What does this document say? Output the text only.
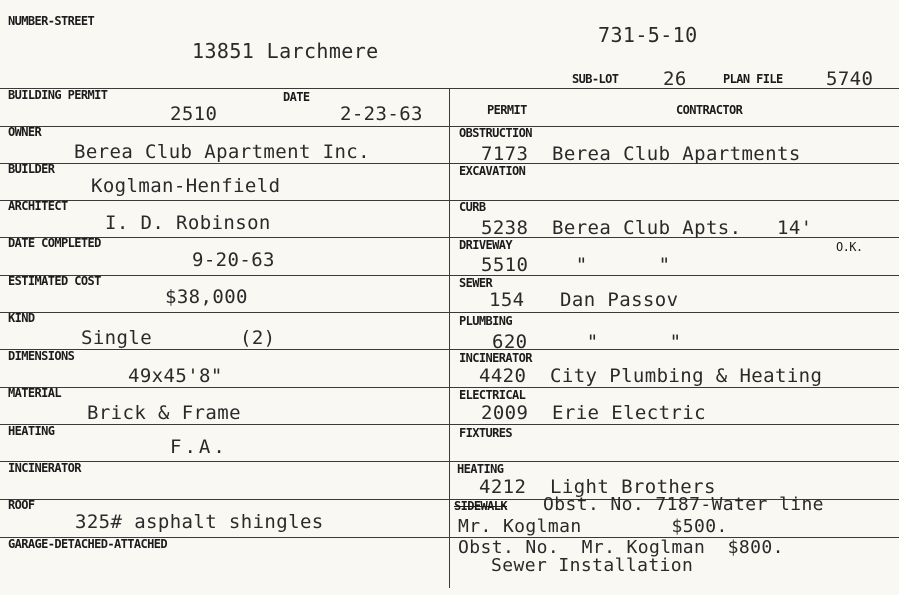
NUMBER-STREET
13851 Larchmere
731-5-10
SUB-LOT 26	PLAN FILE 5740
BUILDING PERMIT
2510
DATE
2-23-63
OWNER
Berea Club Apartment Inc.
BUILDER
Koglman-Henfield
ARCHITECT
I. D. Robinson
DATE COMPLETED
9-20-63
ESTIMATED COST
$38,000
KIND
Single	(2)
DIMENSIONS
49x45'8"
MATERIAL
Brick & Frame
HEATING
F.A.
INCINERATOR
ROOF
325# asphalt shingles
GARAGE-DETACHED-ATTACHED
PERMIT	CONTRACTOR
OBSTRUCTION
7173  Berea Club Apartments
EXCAVATION
CURB
5238  Berea Club Apts.   14'
DRIVEWAY	O.K.
5510    "      "
SEWER
154   Dan Passov
PLUMBING
620     "      "
INCINERATOR
4420  City Plumbing & Heating
ELECTRICAL
2009  Erie Electric
FIXTURES
HEATING
4212  Light Brothers
SIDEWALK Obst. No. 7187-Water line
Mr. Koglman        $500.
Obst. No.  Mr. Koglman  $800.
Sewer Installation
